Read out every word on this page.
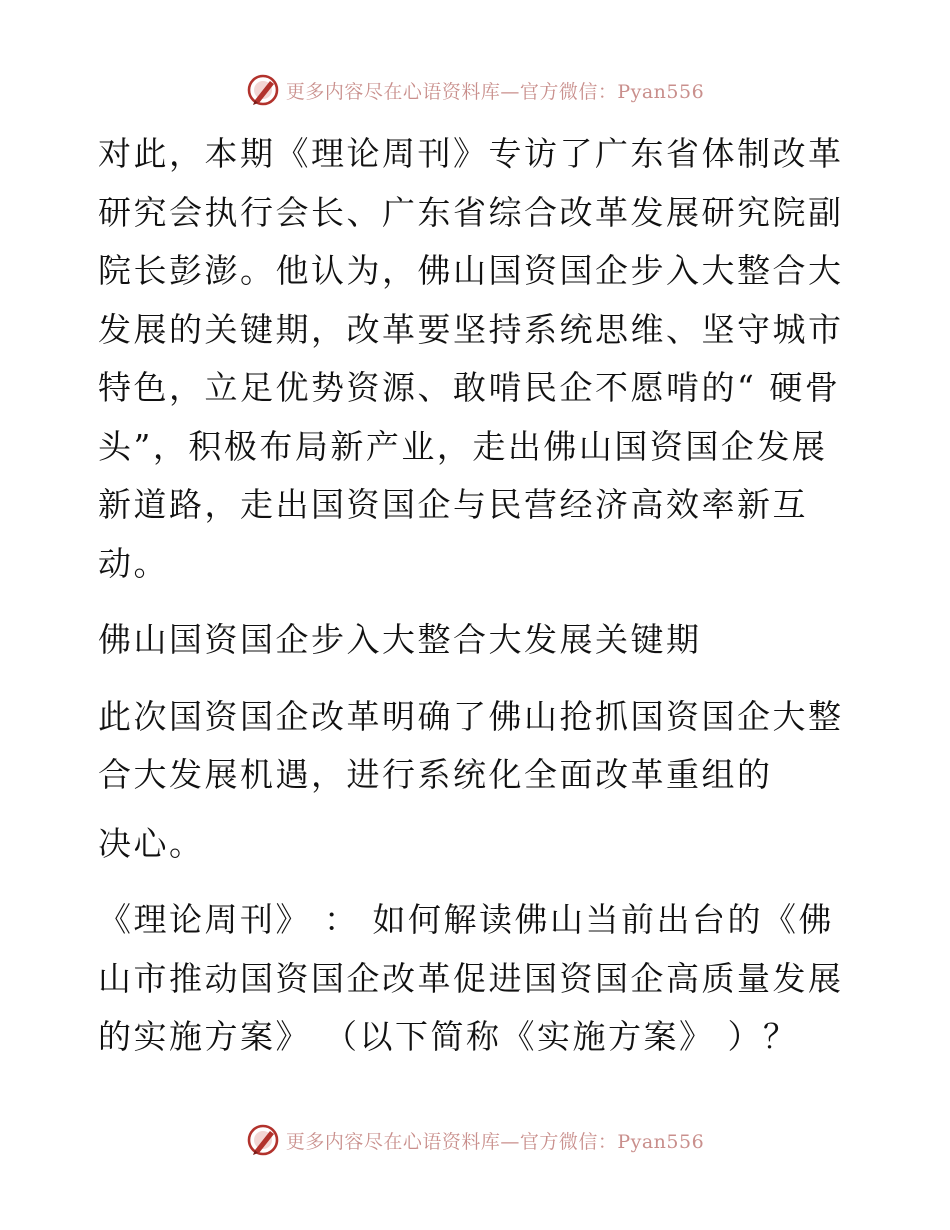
更多内容尽在心语资料库—官方微信：Pyan556

对此，本期《理论周刊》专访了广东省体制改革研究会执行会长、广东省综合改革发展研究院副院长彭澎。他认为，佛山国资国企步入大整合大发展的关键期，改革要坚持系统思维、坚守城市特色，立足优势资源、敢啃民企不愿啃的“ 硬骨头”，积极布局新产业，走出佛山国资国企发展新道路，走出国资国企与民营经济高效率新互动。

佛山国资国企步入大整合大发展关键期

此次国资国企改革明确了佛山抢抓国资国企大整合大发展机遇，进行系统化全面改革重组的

决心。

《理论周刊》 ： 如何解读佛山当前出台的《佛山市推动国资国企改革促进国资国企高质量发展的实施方案》 （以下简称《实施方案》 ）？

更多内容尽在心语资料库—官方微信：Pyan556
